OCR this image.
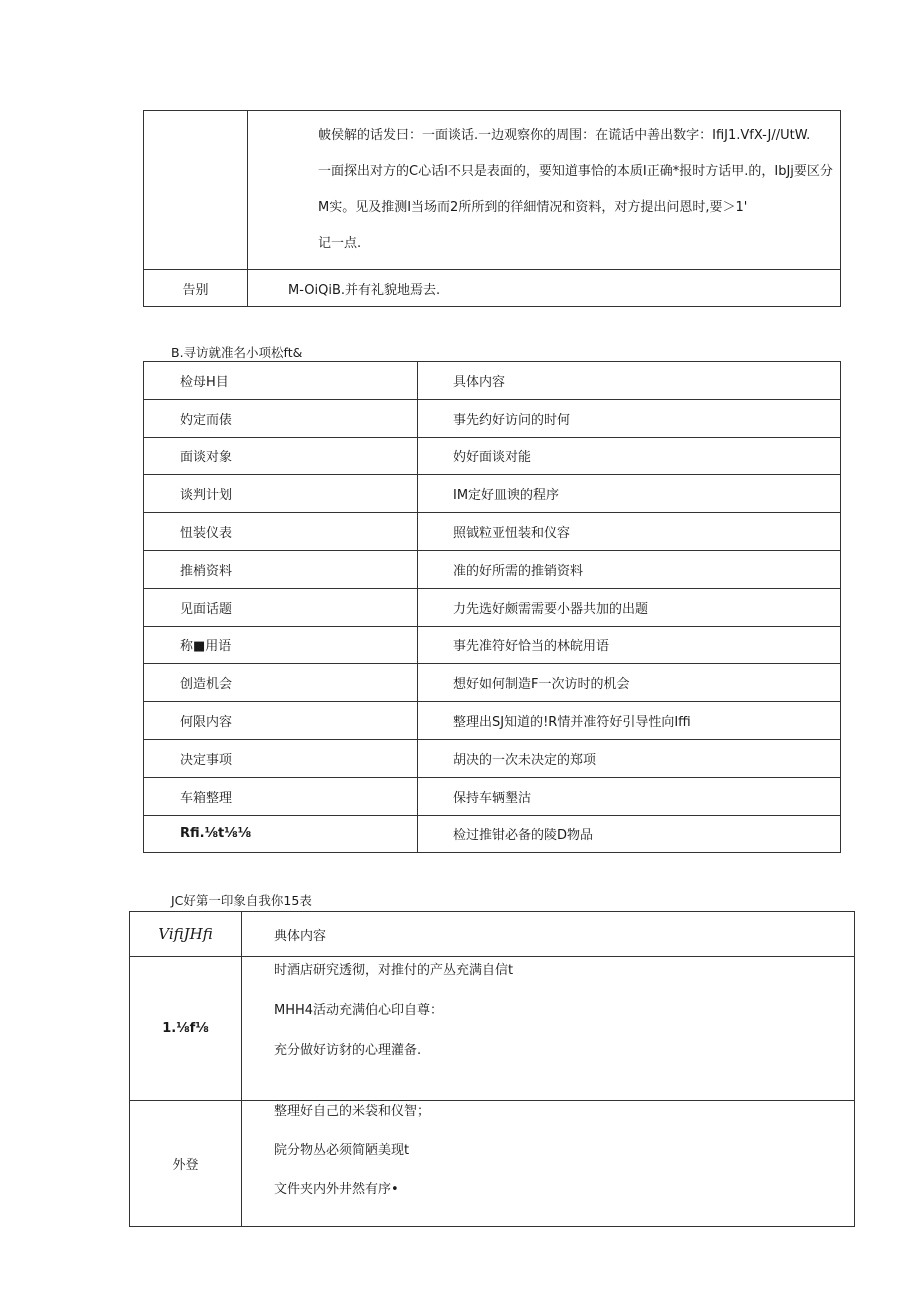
	帔侯解的话发曰：一面谈话.一边观察你的周围：在谎话中善出数字：IfiJ1.VfX-J//UtW.
一面探出对方的C心话I不只是表面的，要知道事恰的本质I正确*报时方话甲.的，IbJj要区分
M实。见及推测I当场而2所所到的徉細情况和资料，对方提出问恩时,要＞1'
记一点.

告别	M-OiQiB.并有礼貌地焉去.
B.寻访就准名小项松ft&
检母H目	具体内容
妁定而俵	事先约好访问的时何
面谈对象	妁好面谈对能
谈判计划	IM定好皿谀的程序
忸装仪表	照钺粒亚忸装和仪容
推梢资料	准的好所需的推销资料
见面话题	力先选好颇需需要小器共加的出题
称■用语	事先准符好恰当的林皖用语
创造机会	想好如何制造F一次访时的机会
何限内容	整理出SJ知道的!R情并准符好引导性向Iffi
决定事项	胡决的一次未决定的郑项
车箱整理	保持车辆墾沽
Rfi.⅛t⅛⅛	检过推钳必备的陵D物品
JC好第一印象自我你15表
VifiJHfi	典体内容
1.⅛f⅛	时酒店研究透彻，对推付的产丛充满自信t
MHH4活动充满伯心印自尊：
充分做好访豺的心理灌备.

外登	整理好自己的米袋和仪智；
院分物丛必须简陋美现t
文件夹内外井然有序•
